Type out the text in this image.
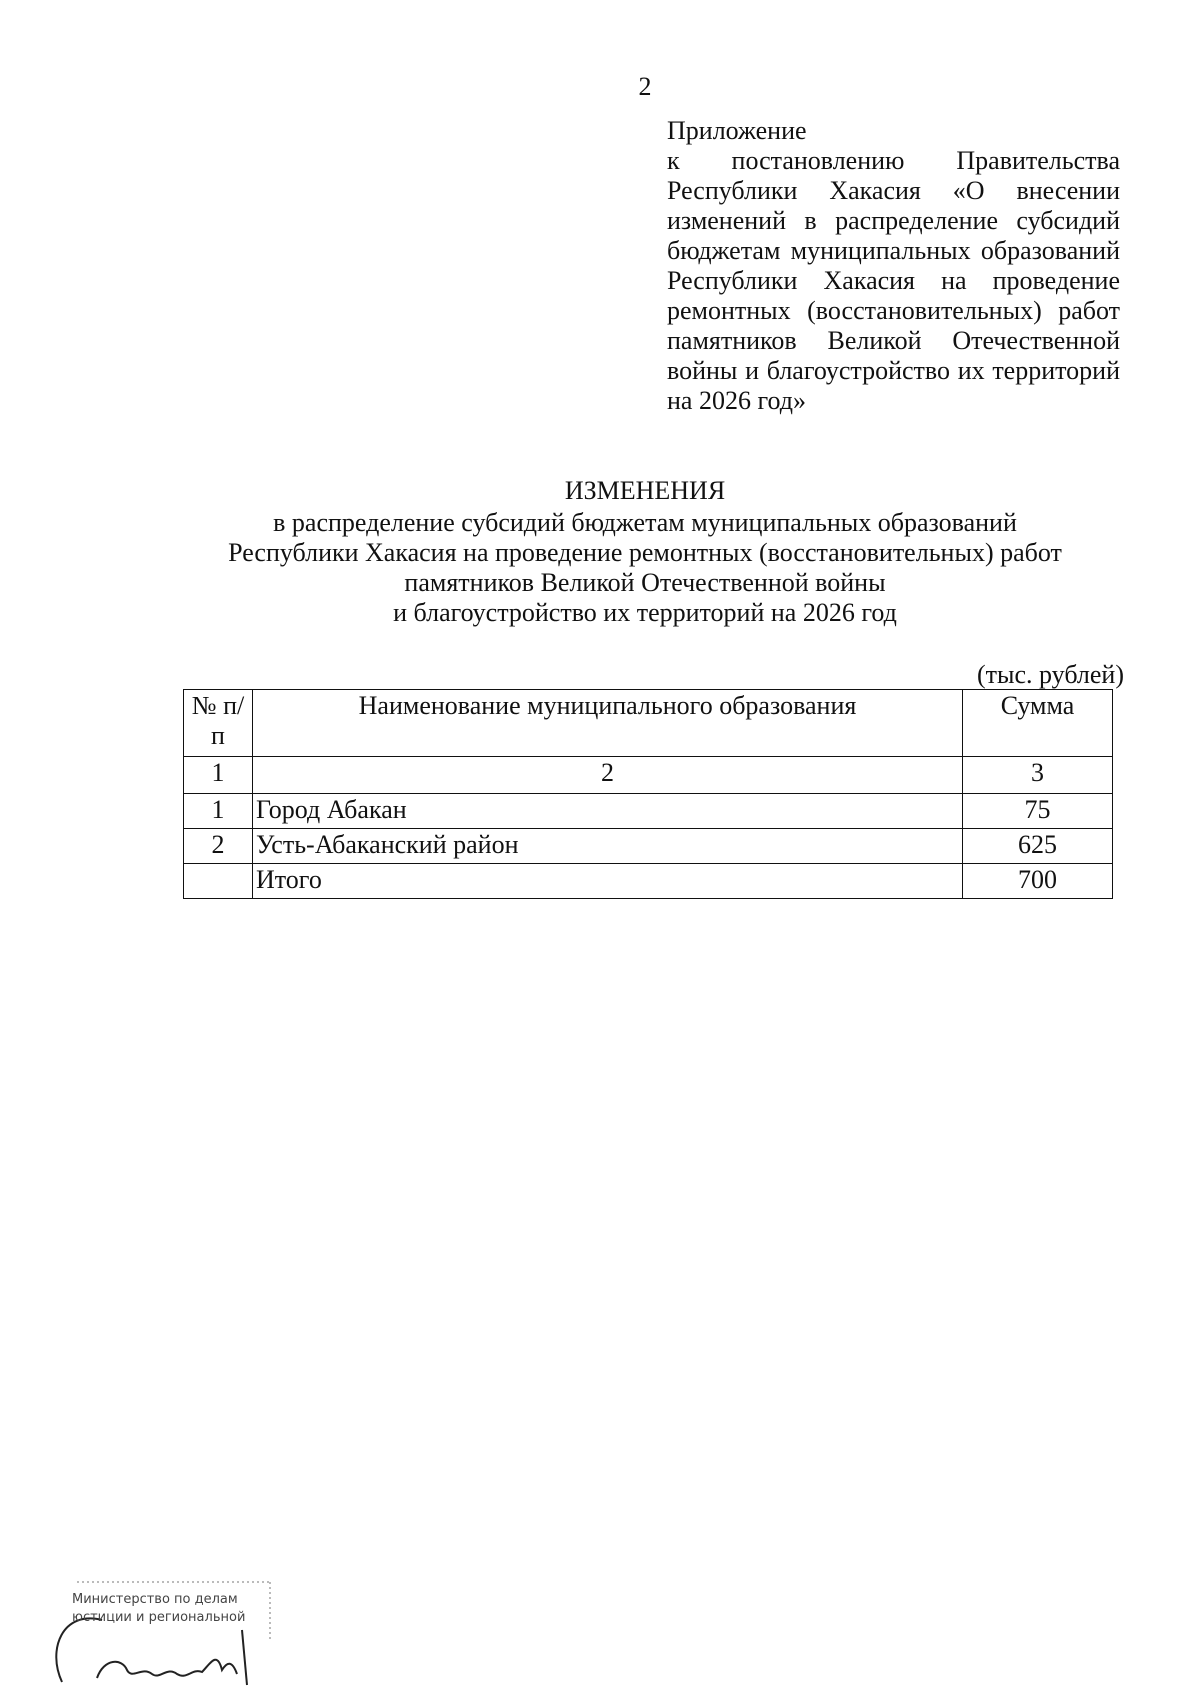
2
Приложение
к постановлению Правительства Республики Хакасия «О внесении изменений в распределение субсидий бюджетам муниципальных образований Республики Хакасия на проведение ремонтных (восстановительных) работ памятников Великой Отечественной войны и благоустройство их территорий на 2026 год»
ИЗМЕНЕНИЯ
в распределение субсидий бюджетам муниципальных образований
Республики Хакасия на проведение ремонтных (восстановительных) работ
памятников Великой Отечественной войны
и благоустройство их территорий на 2026 год
(тыс. рублей)
№ п/п	Наименование муниципального образования	Сумма
1	2	3
1	Город Абакан	75
2	Усть-Абаканский район	625
	Итого	700
Министерство по делам
юстиции и региональной
